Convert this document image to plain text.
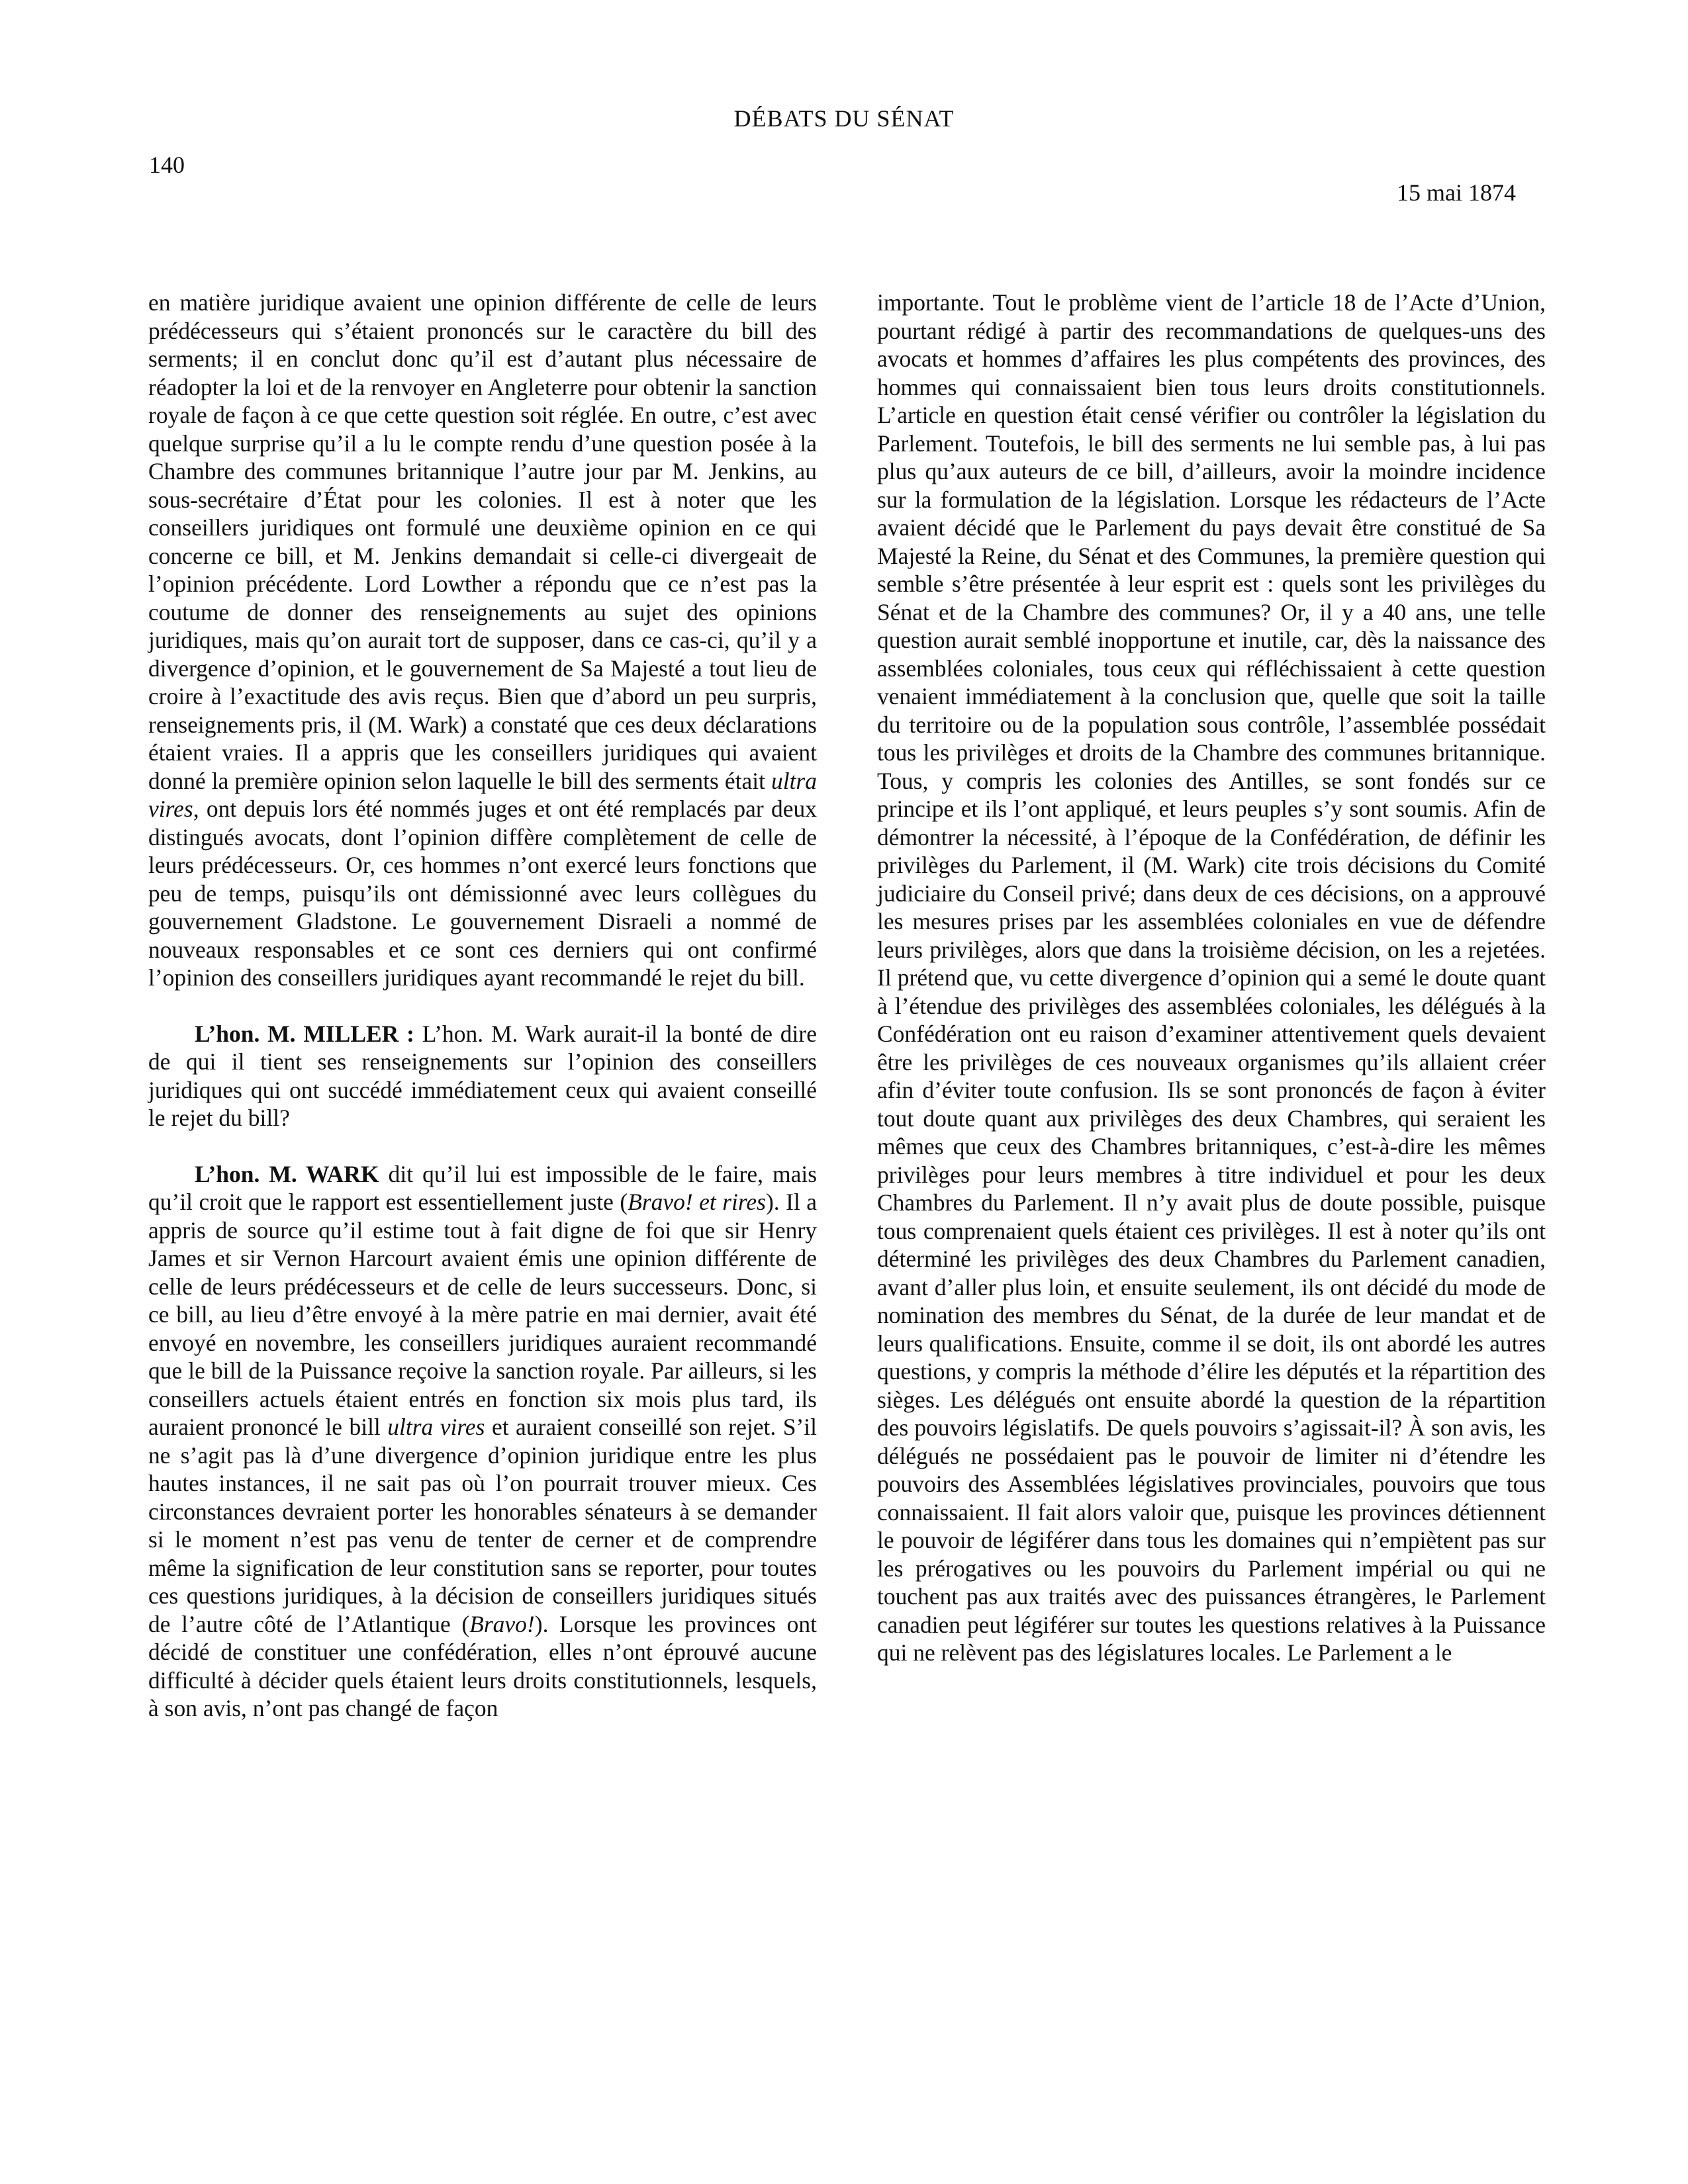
DÉBATS DU SÉNAT
140
15 mai 1874

en matière juridique avaient une opinion différente de celle de leurs prédécesseurs qui s’étaient prononcés sur le caractère du bill des serments; il en conclut donc qu’il est d’autant plus nécessaire de réadopter la loi et de la renvoyer en Angleterre pour obtenir la sanction royale de façon à ce que cette question soit réglée. En outre, c’est avec quelque surprise qu’il a lu le compte rendu d’une question posée à la Chambre des communes britannique l’autre jour par M. Jenkins, au sous-secrétaire d’État pour les colonies. Il est à noter que les conseillers juridiques ont formulé une deuxième opinion en ce qui concerne ce bill, et M. Jenkins demandait si celle-ci divergeait de l’opinion précédente. Lord Lowther a répondu que ce n’est pas la coutume de donner des renseignements au sujet des opinions juridiques, mais qu’on aurait tort de supposer, dans ce cas-ci, qu’il y a divergence d’opinion, et le gouvernement de Sa Majesté a tout lieu de croire à l’exactitude des avis reçus. Bien que d’abord un peu surpris, renseignements pris, il (M. Wark) a constaté que ces deux déclarations étaient vraies. Il a appris que les conseillers juridiques qui avaient donné la première opinion selon laquelle le bill des serments était ultra vires, ont depuis lors été nommés juges et ont été remplacés par deux distingués avocats, dont l’opinion diffère complètement de celle de leurs prédécesseurs. Or, ces hommes n’ont exercé leurs fonctions que peu de temps, puisqu’ils ont démissionné avec leurs collègues du gouvernement Gladstone. Le gouvernement Disraeli a nommé de nouveaux responsables et ce sont ces derniers qui ont confirmé l’opinion des conseillers juridiques ayant recommandé le rejet du bill.

L’hon. M. MILLER : L’hon. M. Wark aurait-il la bonté de dire de qui il tient ses renseignements sur l’opinion des conseillers juridiques qui ont succédé immédiatement ceux qui avaient conseillé le rejet du bill?

L’hon. M. WARK dit qu’il lui est impossible de le faire, mais qu’il croit que le rapport est essentiellement juste (Bravo! et rires). Il a appris de source qu’il estime tout à fait digne de foi que sir Henry James et sir Vernon Harcourt avaient émis une opinion différente de celle de leurs prédécesseurs et de celle de leurs successeurs. Donc, si ce bill, au lieu d’être envoyé à la mère patrie en mai dernier, avait été envoyé en novembre, les conseillers juridiques auraient recommandé que le bill de la Puissance reçoive la sanction royale. Par ailleurs, si les conseillers actuels étaient entrés en fonction six mois plus tard, ils auraient prononcé le bill ultra vires et auraient conseillé son rejet. S’il ne s’agit pas là d’une divergence d’opinion juridique entre les plus hautes instances, il ne sait pas où l’on pourrait trouver mieux. Ces circonstances devraient porter les honorables sénateurs à se demander si le moment n’est pas venu de tenter de cerner et de comprendre même la signification de leur constitution sans se reporter, pour toutes ces questions juridiques, à la décision de conseillers juridiques situés de l’autre côté de l’Atlantique (Bravo!). Lorsque les provinces ont décidé de constituer une confédération, elles n’ont éprouvé aucune difficulté à décider quels étaient leurs droits constitutionnels, lesquels, à son avis, n’ont pas changé de façon

importante. Tout le problème vient de l’article 18 de l’Acte d’Union, pourtant rédigé à partir des recommandations de quelques-uns des avocats et hommes d’affaires les plus compétents des provinces, des hommes qui connaissaient bien tous leurs droits constitutionnels. L’article en question était censé vérifier ou contrôler la législation du Parlement. Toutefois, le bill des serments ne lui semble pas, à lui pas plus qu’aux auteurs de ce bill, d’ailleurs, avoir la moindre incidence sur la formulation de la législation. Lorsque les rédacteurs de l’Acte avaient décidé que le Parlement du pays devait être constitué de Sa Majesté la Reine, du Sénat et des Communes, la première question qui semble s’être présentée à leur esprit est : quels sont les privilèges du Sénat et de la Chambre des communes? Or, il y a 40 ans, une telle question aurait semblé inopportune et inutile, car, dès la naissance des assemblées coloniales, tous ceux qui réfléchissaient à cette question venaient immédiatement à la conclusion que, quelle que soit la taille du territoire ou de la population sous contrôle, l’assemblée possédait tous les privilèges et droits de la Chambre des communes britannique. Tous, y compris les colonies des Antilles, se sont fondés sur ce principe et ils l’ont appliqué, et leurs peuples s’y sont soumis. Afin de démontrer la nécessité, à l’époque de la Confédération, de définir les privilèges du Parlement, il (M. Wark) cite trois décisions du Comité judiciaire du Conseil privé; dans deux de ces décisions, on a approuvé les mesures prises par les assemblées coloniales en vue de défendre leurs privilèges, alors que dans la troisième décision, on les a rejetées. Il prétend que, vu cette divergence d’opinion qui a semé le doute quant à l’étendue des privilèges des assemblées coloniales, les délégués à la Confédération ont eu raison d’examiner attentivement quels devaient être les privilèges de ces nouveaux organismes qu’ils allaient créer afin d’éviter toute confusion. Ils se sont prononcés de façon à éviter tout doute quant aux privilèges des deux Chambres, qui seraient les mêmes que ceux des Chambres britanniques, c’est-à-dire les mêmes privilèges pour leurs membres à titre individuel et pour les deux Chambres du Parlement. Il n’y avait plus de doute possible, puisque tous comprenaient quels étaient ces privilèges. Il est à noter qu’ils ont déterminé les privilèges des deux Chambres du Parlement canadien, avant d’aller plus loin, et ensuite seulement, ils ont décidé du mode de nomination des membres du Sénat, de la durée de leur mandat et de leurs qualifications. Ensuite, comme il se doit, ils ont abordé les autres questions, y compris la méthode d’élire les députés et la répartition des sièges. Les délégués ont ensuite abordé la question de la répartition des pouvoirs législatifs. De quels pouvoirs s’agissait-il? À son avis, les délégués ne possédaient pas le pouvoir de limiter ni d’étendre les pouvoirs des Assemblées législatives provinciales, pouvoirs que tous connaissaient. Il fait alors valoir que, puisque les provinces détiennent le pouvoir de légiférer dans tous les domaines qui n’empiètent pas sur les prérogatives ou les pouvoirs du Parlement impérial ou qui ne touchent pas aux traités avec des puissances étrangères, le Parlement canadien peut légiférer sur toutes les questions relatives à la Puissance qui ne relèvent pas des législatures locales. Le Parlement a le
